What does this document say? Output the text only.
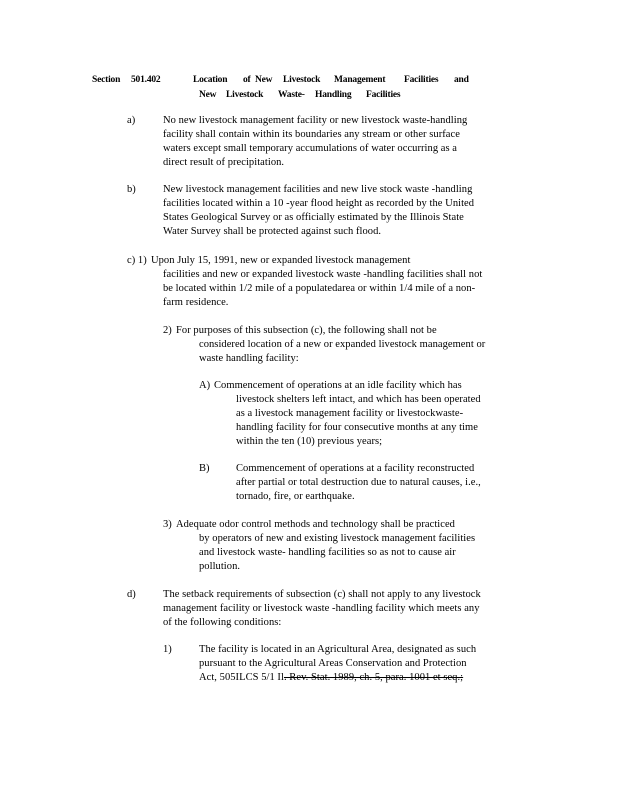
Section 501.402	Location of New Livestock Management Facilities and
New Livestock Waste- Handling Facilities
a)	No new livestock management facility or new livestock waste-handling
facility shall contain within its boundaries any stream or other surface
waters except small temporary accumulations of water occurring as a
direct result of precipitation.
b)	New livestock management facilities and new live stock waste -handling
facilities located within a 10 -year flood height as recorded by the United
States Geological Survey or as officially estimated by the Illinois State
Water Survey shall be protected against such flood.
c) 1) Upon July 15, 1991, new or expanded livestock management
facilities and new or expanded livestock waste -handling facilities shall not
be located within 1/2 mile of a populatedarea or within 1/4 mile of a non-
farm residence.
2) For purposes of this subsection (c), the following shall not be
considered location of a new or expanded livestock management or
waste handling facility:
A) Commencement of operations at an idle facility which has
livestock shelters left intact, and which has been operated
as a livestock management facility or livestockwaste-
handling facility for four consecutive months at any time
within the ten (10) previous years;
B)	Commencement of operations at a facility reconstructed
after partial or total destruction due to natural causes, i.e.,
tornado, fire, or earthquake.
3) Adequate odor control methods and technology shall be practiced
by operators of new and existing livestock management facilities
and livestock waste- handling facilities so as not to cause air
pollution.
d)	The setback requirements of subsection (c) shall not apply to any livestock
management facility or livestock waste -handling facility which meets any
of the following conditions:
1)	The facility is located in an Agricultural Area, designated as such
pursuant to the Agricultural Areas Conservation and Protection
Act, 505ILCS 5/1 Il. Rev. Stat. 1989, ch. 5, para. 1001 et seq.;
